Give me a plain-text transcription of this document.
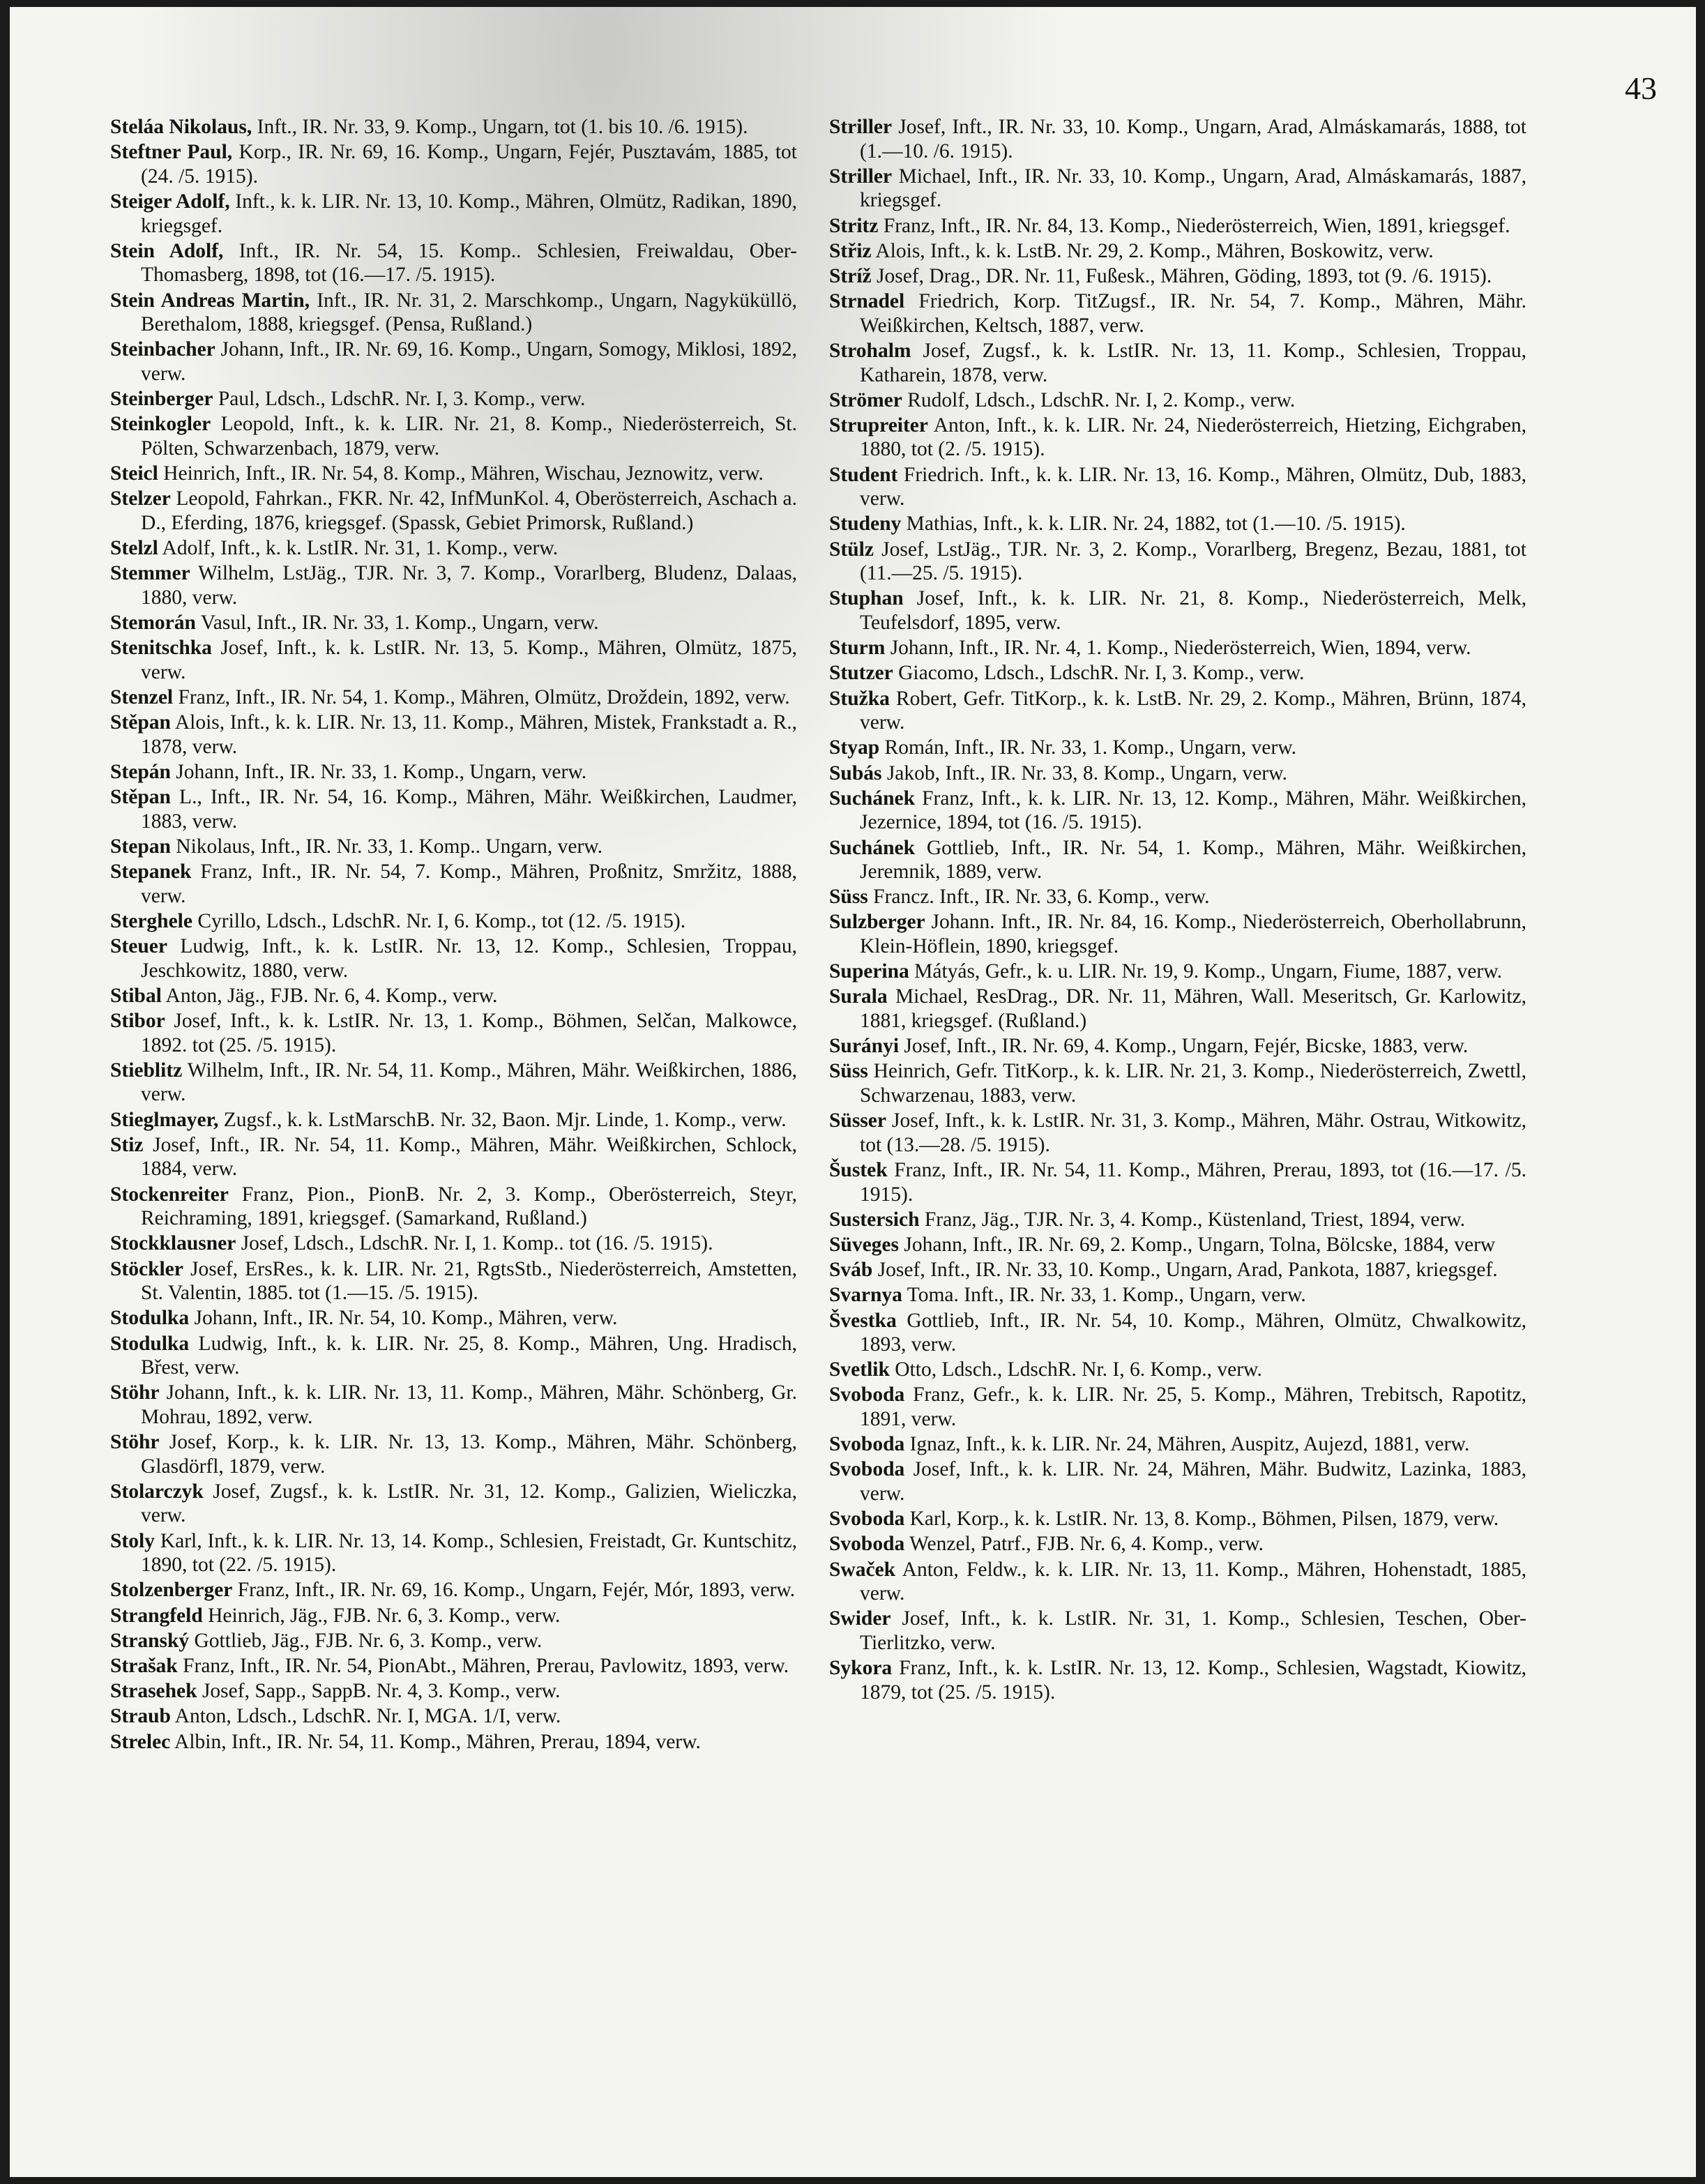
43

Steláa Nikolaus, Inft., IR. Nr. 33, 9. Komp., Ungarn, tot (1. bis 10. /6. 1915).

Steftner Paul, Korp., IR. Nr. 69, 16. Komp., Ungarn, Fejér, Pusztavám, 1885, tot (24. /5. 1915).

Steiger Adolf, Inft., k. k. LIR. Nr. 13, 10. Komp., Mähren, Olmütz, Radikan, 1890, kriegsgef.

Stein Adolf, Inft., IR. Nr. 54, 15. Komp.. Schlesien, Freiwaldau, Ober-Thomasberg, 1898, tot (16.—17. /5. 1915).

Stein Andreas Martin, Inft., IR. Nr. 31, 2. Marschkomp., Ungarn, Nagyküküllö, Berethalom, 1888, kriegsgef. (Pensa, Rußland.)

Steinbacher Johann, Inft., IR. Nr. 69, 16. Komp., Ungarn, Somogy, Miklosi, 1892, verw.

Steinberger Paul, Ldsch., LdschR. Nr. I, 3. Komp., verw.

Steinkogler Leopold, Inft., k. k. LIR. Nr. 21, 8. Komp., Niederösterreich, St. Pölten, Schwarzenbach, 1879, verw.

Steicl Heinrich, Inft., IR. Nr. 54, 8. Komp., Mähren, Wischau, Jeznowitz, verw.

Stelzer Leopold, Fahrkan., FKR. Nr. 42, InfMunKol. 4, Oberösterreich, Aschach a. D., Eferding, 1876, kriegsgef. (Spassk, Gebiet Primorsk, Rußland.)

Stelzl Adolf, Inft., k. k. LstIR. Nr. 31, 1. Komp., verw.

Stemmer Wilhelm, LstJäg., TJR. Nr. 3, 7. Komp., Vorarlberg, Bludenz, Dalaas, 1880, verw.

Stemorán Vasul, Inft., IR. Nr. 33, 1. Komp., Ungarn, verw.

Stenitschka Josef, Inft., k. k. LstIR. Nr. 13, 5. Komp., Mähren, Olmütz, 1875, verw.

Stenzel Franz, Inft., IR. Nr. 54, 1. Komp., Mähren, Olmütz, Droždein, 1892, verw.

Stěpan Alois, Inft., k. k. LIR. Nr. 13, 11. Komp., Mähren, Mistek, Frankstadt a. R., 1878, verw.

Stepán Johann, Inft., IR. Nr. 33, 1. Komp., Ungarn, verw.

Stěpan L., Inft., IR. Nr. 54, 16. Komp., Mähren, Mähr. Weißkirchen, Laudmer, 1883, verw.

Stepan Nikolaus, Inft., IR. Nr. 33, 1. Komp.. Ungarn, verw.

Stepanek Franz, Inft., IR. Nr. 54, 7. Komp., Mähren, Proßnitz, Smržitz, 1888, verw.

Sterghele Cyrillo, Ldsch., LdschR. Nr. I, 6. Komp., tot (12. /5. 1915).

Steuer Ludwig, Inft., k. k. LstIR. Nr. 13, 12. Komp., Schlesien, Troppau, Jeschkowitz, 1880, verw.

Stibal Anton, Jäg., FJB. Nr. 6, 4. Komp., verw.

Stibor Josef, Inft., k. k. LstIR. Nr. 13, 1. Komp., Böhmen, Selčan, Malkowce, 1892. tot (25. /5. 1915).

Stieblitz Wilhelm, Inft., IR. Nr. 54, 11. Komp., Mähren, Mähr. Weißkirchen, 1886, verw.

Stieglmayer, Zugsf., k. k. LstMarschB. Nr. 32, Baon. Mjr. Linde, 1. Komp., verw.

Stiz Josef, Inft., IR. Nr. 54, 11. Komp., Mähren, Mähr. Weißkirchen, Schlock, 1884, verw.

Stockenreiter Franz, Pion., PionB. Nr. 2, 3. Komp., Oberösterreich, Steyr, Reichraming, 1891, kriegsgef. (Samarkand, Rußland.)

Stockklausner Josef, Ldsch., LdschR. Nr. I, 1. Komp.. tot (16. /5. 1915).

Stöckler Josef, ErsRes., k. k. LIR. Nr. 21, RgtsStb., Niederösterreich, Amstetten, St. Valentin, 1885. tot (1.—15. /5. 1915).

Stodulka Johann, Inft., IR. Nr. 54, 10. Komp., Mähren, verw.

Stodulka Ludwig, Inft., k. k. LIR. Nr. 25, 8. Komp., Mähren, Ung. Hradisch, Břest, verw.

Stöhr Johann, Inft., k. k. LIR. Nr. 13, 11. Komp., Mähren, Mähr. Schönberg, Gr. Mohrau, 1892, verw.

Stöhr Josef, Korp., k. k. LIR. Nr. 13, 13. Komp., Mähren, Mähr. Schönberg, Glasdörfl, 1879, verw.

Stolarczyk Josef, Zugsf., k. k. LstIR. Nr. 31, 12. Komp., Galizien, Wieliczka, verw.

Stoly Karl, Inft., k. k. LIR. Nr. 13, 14. Komp., Schlesien, Freistadt, Gr. Kuntschitz, 1890, tot (22. /5. 1915).

Stolzenberger Franz, Inft., IR. Nr. 69, 16. Komp., Ungarn, Fejér, Mór, 1893, verw.

Strangfeld Heinrich, Jäg., FJB. Nr. 6, 3. Komp., verw.

Stranský Gottlieb, Jäg., FJB. Nr. 6, 3. Komp., verw.

Strašak Franz, Inft., IR. Nr. 54, PionAbt., Mähren, Prerau, Pavlowitz, 1893, verw.

Strasehek Josef, Sapp., SappB. Nr. 4, 3. Komp., verw.

Straub Anton, Ldsch., LdschR. Nr. I, MGA. 1/I, verw.

Strelec Albin, Inft., IR. Nr. 54, 11. Komp., Mähren, Prerau, 1894, verw.

Striller Josef, Inft., IR. Nr. 33, 10. Komp., Ungarn, Arad, Almáskamarás, 1888, tot (1.—10. /6. 1915).

Striller Michael, Inft., IR. Nr. 33, 10. Komp., Ungarn, Arad, Almáskamarás, 1887, kriegsgef.

Stritz Franz, Inft., IR. Nr. 84, 13. Komp., Niederösterreich, Wien, 1891, kriegsgef.

Střiz Alois, Inft., k. k. LstB. Nr. 29, 2. Komp., Mähren, Boskowitz, verw.

Stríž Josef, Drag., DR. Nr. 11, Fußesk., Mähren, Göding, 1893, tot (9. /6. 1915).

Strnadel Friedrich, Korp. TitZugsf., IR. Nr. 54, 7. Komp., Mähren, Mähr. Weißkirchen, Keltsch, 1887, verw.

Strohalm Josef, Zugsf., k. k. LstIR. Nr. 13, 11. Komp., Schlesien, Troppau, Katharein, 1878, verw.

Strömer Rudolf, Ldsch., LdschR. Nr. I, 2. Komp., verw.

Strupreiter Anton, Inft., k. k. LIR. Nr. 24, Niederösterreich, Hietzing, Eichgraben, 1880, tot (2. /5. 1915).

Student Friedrich. Inft., k. k. LIR. Nr. 13, 16. Komp., Mähren, Olmütz, Dub, 1883, verw.

Studeny Mathias, Inft., k. k. LIR. Nr. 24, 1882, tot (1.—10. /5. 1915).

Stülz Josef, LstJäg., TJR. Nr. 3, 2. Komp., Vorarlberg, Bregenz, Bezau, 1881, tot (11.—25. /5. 1915).

Stuphan Josef, Inft., k. k. LIR. Nr. 21, 8. Komp., Niederösterreich, Melk, Teufelsdorf, 1895, verw.

Sturm Johann, Inft., IR. Nr. 4, 1. Komp., Niederösterreich, Wien, 1894, verw.

Stutzer Giacomo, Ldsch., LdschR. Nr. I, 3. Komp., verw.

Stužka Robert, Gefr. TitKorp., k. k. LstB. Nr. 29, 2. Komp., Mähren, Brünn, 1874, verw.

Styap Román, Inft., IR. Nr. 33, 1. Komp., Ungarn, verw.

Subás Jakob, Inft., IR. Nr. 33, 8. Komp., Ungarn, verw.

Suchánek Franz, Inft., k. k. LIR. Nr. 13, 12. Komp., Mähren, Mähr. Weißkirchen, Jezernice, 1894, tot (16. /5. 1915).

Suchánek Gottlieb, Inft., IR. Nr. 54, 1. Komp., Mähren, Mähr. Weißkirchen, Jeremnik, 1889, verw.

Süss Francz. Inft., IR. Nr. 33, 6. Komp., verw.

Sulzberger Johann. Inft., IR. Nr. 84, 16. Komp., Niederösterreich, Oberhollabrunn, Klein-Höflein, 1890, kriegsgef.

Superina Mátyás, Gefr., k. u. LIR. Nr. 19, 9. Komp., Ungarn, Fiume, 1887, verw.

Surala Michael, ResDrag., DR. Nr. 11, Mähren, Wall. Meseritsch, Gr. Karlowitz, 1881, kriegsgef. (Rußland.)

Surányi Josef, Inft., IR. Nr. 69, 4. Komp., Ungarn, Fejér, Bicske, 1883, verw.

Süss Heinrich, Gefr. TitKorp., k. k. LIR. Nr. 21, 3. Komp., Niederösterreich, Zwettl, Schwarzenau, 1883, verw.

Süsser Josef, Inft., k. k. LstIR. Nr. 31, 3. Komp., Mähren, Mähr. Ostrau, Witkowitz, tot (13.—28. /5. 1915).

Šustek Franz, Inft., IR. Nr. 54, 11. Komp., Mähren, Prerau, 1893, tot (16.—17. /5. 1915).

Sustersich Franz, Jäg., TJR. Nr. 3, 4. Komp., Küstenland, Triest, 1894, verw.

Süveges Johann, Inft., IR. Nr. 69, 2. Komp., Ungarn, Tolna, Bölcske, 1884, verw

Sváb Josef, Inft., IR. Nr. 33, 10. Komp., Ungarn, Arad, Pankota, 1887, kriegsgef.

Svarnya Toma. Inft., IR. Nr. 33, 1. Komp., Ungarn, verw.

Švestka Gottlieb, Inft., IR. Nr. 54, 10. Komp., Mähren, Olmütz, Chwalkowitz, 1893, verw.

Svetlik Otto, Ldsch., LdschR. Nr. I, 6. Komp., verw.

Svoboda Franz, Gefr., k. k. LIR. Nr. 25, 5. Komp., Mähren, Trebitsch, Rapotitz, 1891, verw.

Svoboda Ignaz, Inft., k. k. LIR. Nr. 24, Mähren, Auspitz, Aujezd, 1881, verw.

Svoboda Josef, Inft., k. k. LIR. Nr. 24, Mähren, Mähr. Budwitz, Lazinka, 1883, verw.

Svoboda Karl, Korp., k. k. LstIR. Nr. 13, 8. Komp., Böhmen, Pilsen, 1879, verw.

Svoboda Wenzel, Patrf., FJB. Nr. 6, 4. Komp., verw.

Swaček Anton, Feldw., k. k. LIR. Nr. 13, 11. Komp., Mähren, Hohenstadt, 1885, verw.

Swider Josef, Inft., k. k. LstIR. Nr. 31, 1. Komp., Schlesien, Teschen, Ober-Tierlitzko, verw.

Sykora Franz, Inft., k. k. LstIR. Nr. 13, 12. Komp., Schlesien, Wagstadt, Kiowitz, 1879, tot (25. /5. 1915).
